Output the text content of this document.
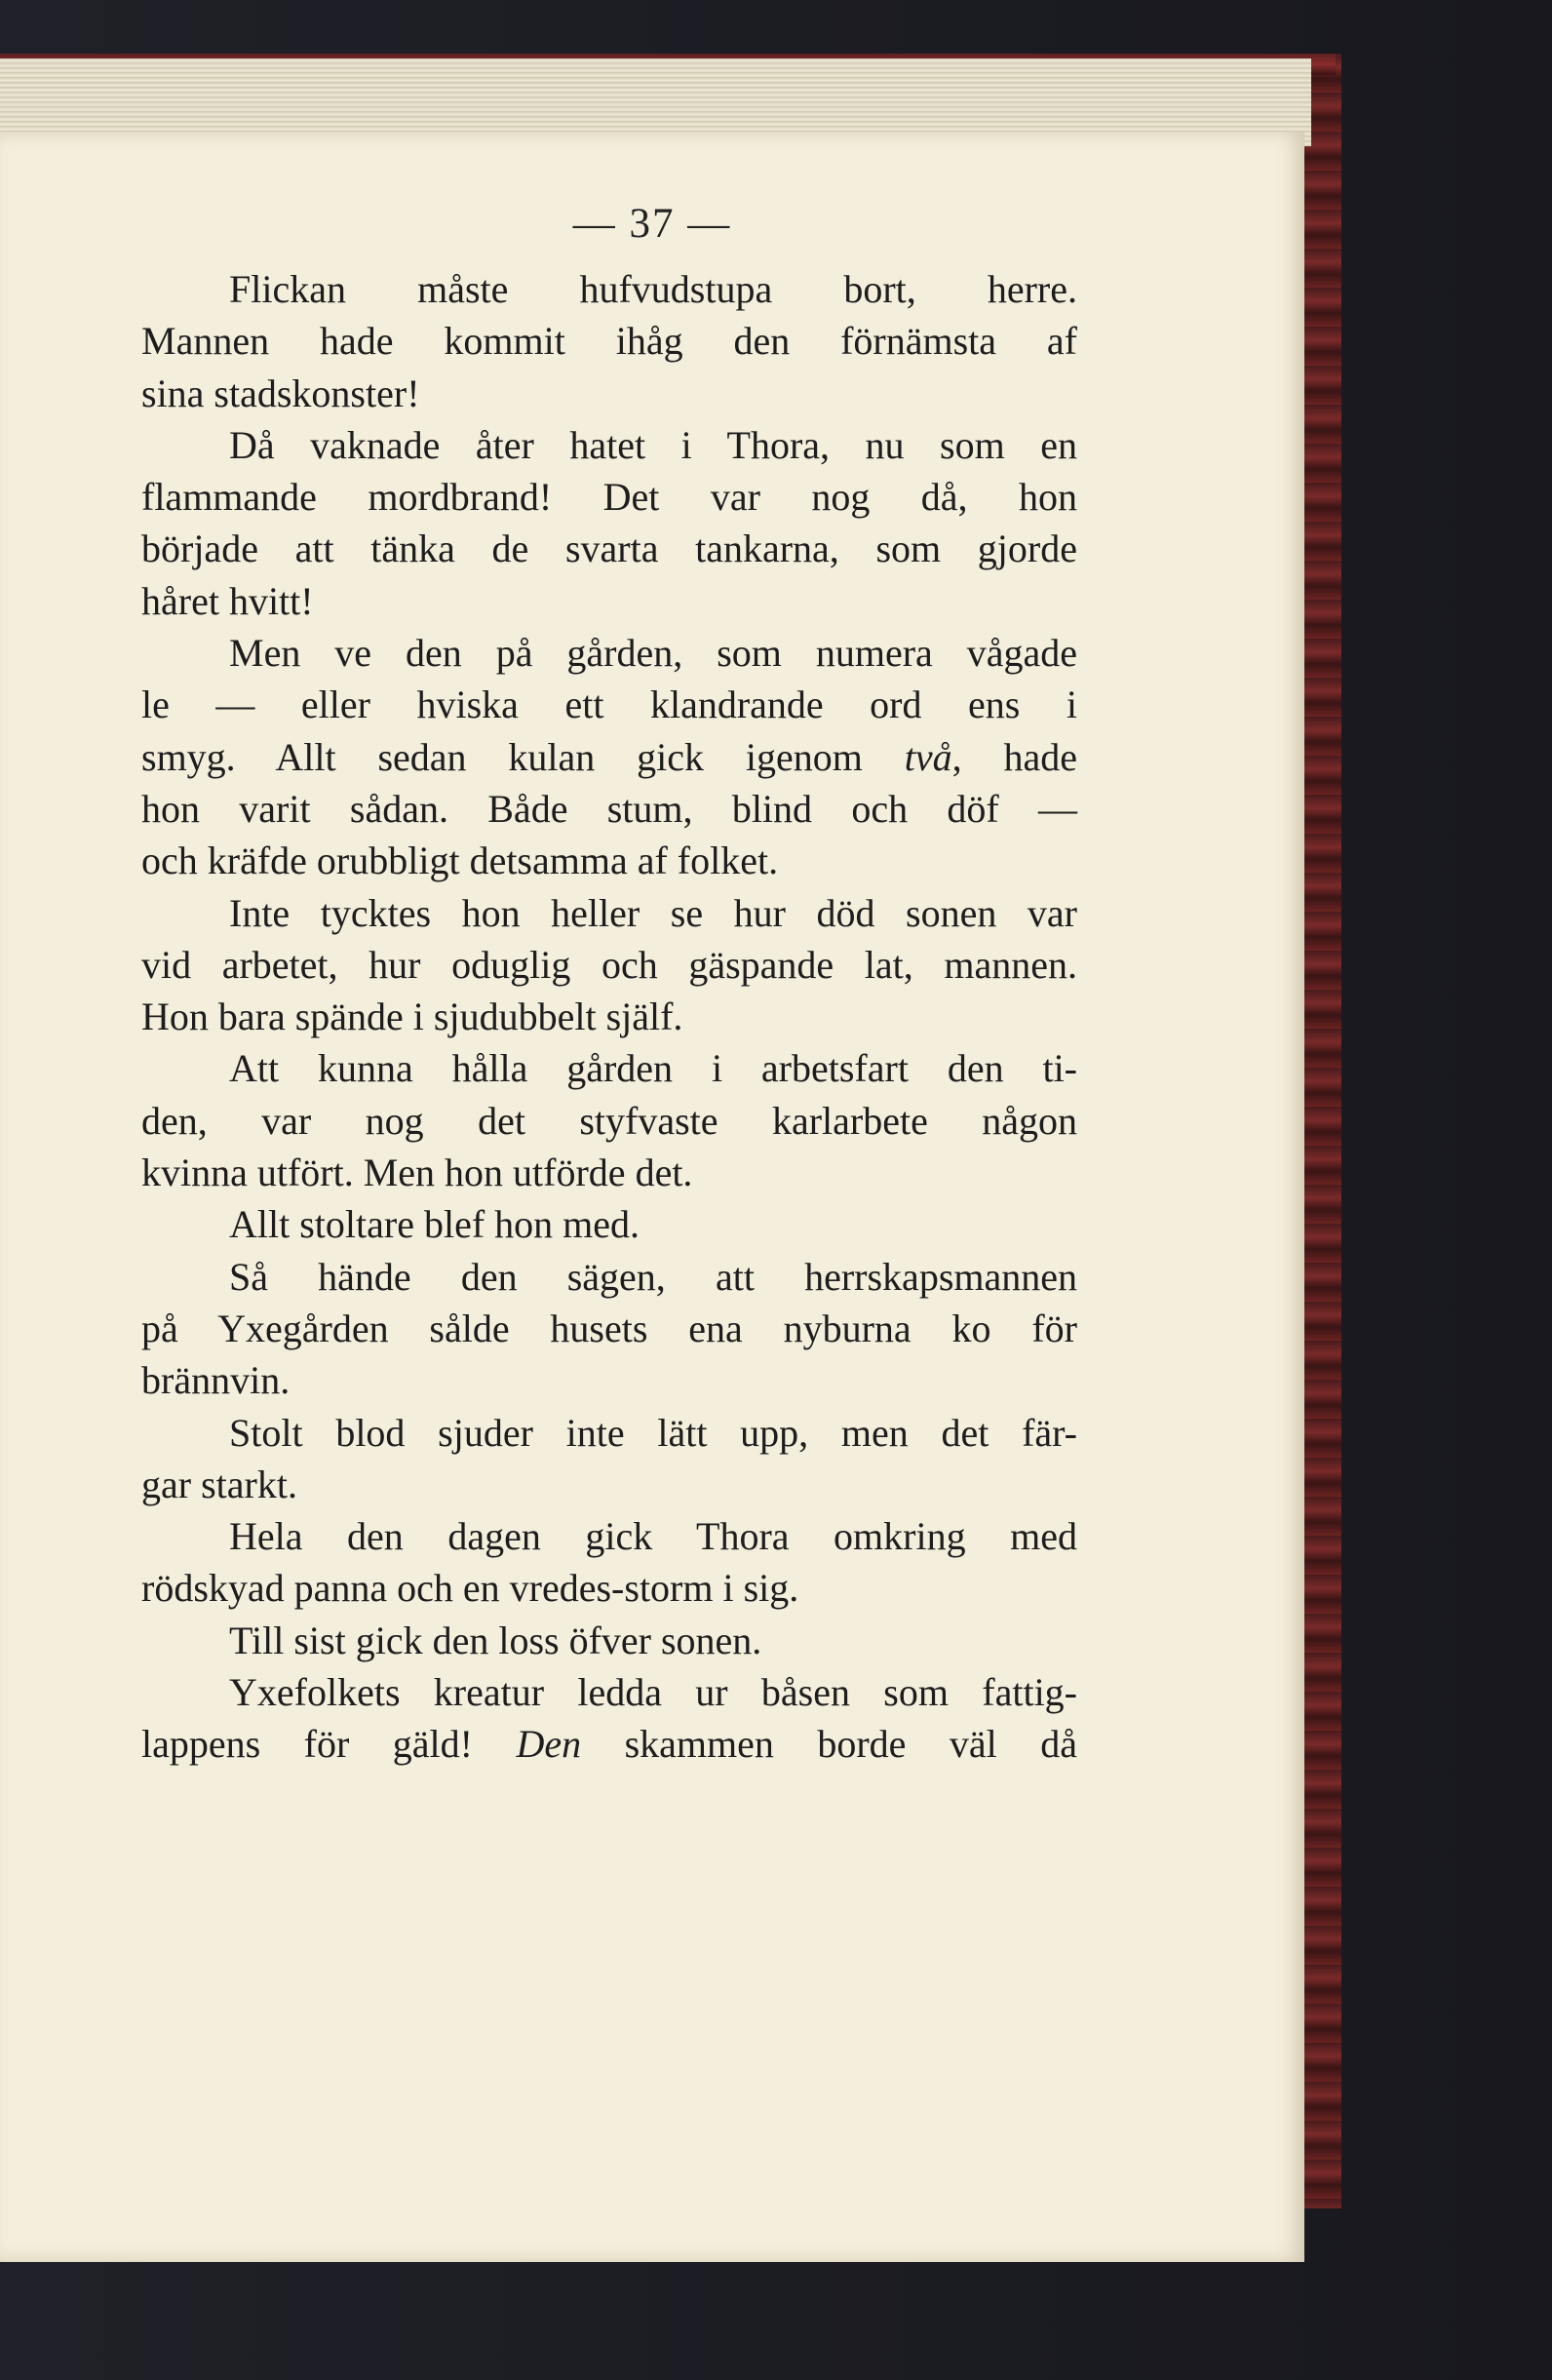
— 37 —
Flickan måste hufvudstupa bort, herre.
Mannen hade kommit ihåg den förnämsta af
sina stadskonster!
Då vaknade åter hatet i Thora, nu som en
flammande mordbrand! Det var nog då, hon
började att tänka de svarta tankarna, som gjorde
håret hvitt!
Men ve den på gården, som numera vågade
le — eller hviska ett klandrande ord ens i
smyg. Allt sedan kulan gick igenom två, hade
hon varit sådan. Både stum, blind och döf —
och kräfde orubbligt detsamma af folket.
Inte tycktes hon heller se hur död sonen var
vid arbetet, hur oduglig och gäspande lat, mannen.
Hon bara spände i sjudubbelt själf.
Att kunna hålla gården i arbetsfart den ti-
den, var nog det styfvaste karlarbete någon
kvinna utfört. Men hon utförde det.
Allt stoltare blef hon med.
Så hände den sägen, att herrskapsmannen
på Yxegården sålde husets ena nyburna ko för
brännvin.
Stolt blod sjuder inte lätt upp, men det fär-
gar starkt.
Hela den dagen gick Thora omkring med
rödskyad panna och en vredes-storm i sig.
Till sist gick den loss öfver sonen.
Yxefolkets kreatur ledda ur båsen som fattig-
lappens för gäld! Den skammen borde väl då
